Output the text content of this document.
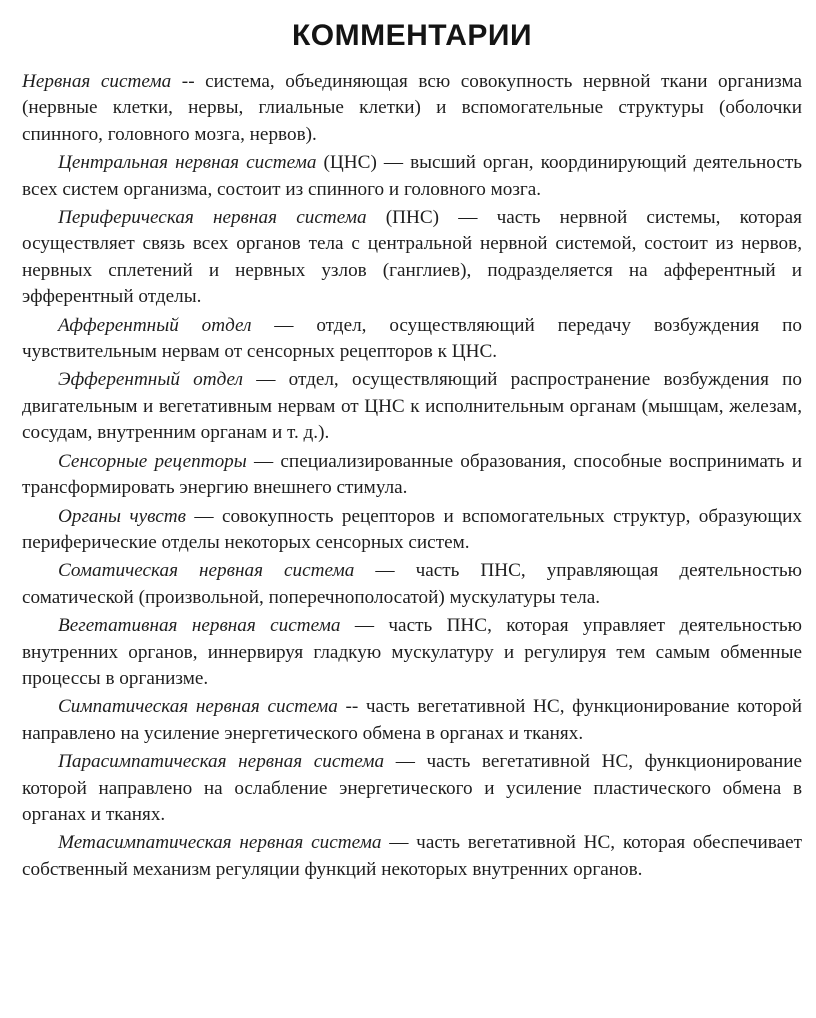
КОММЕНТАРИИ

Нервная система -- система, объединяющая всю совокупность нервной ткани организма (нервные клетки, нервы, глиальные клетки) и вспомогательные структуры (оболочки спинного, головного мозга, нервов).

Центральная нервная система (ЦНС) — высший орган, координирующий деятельность всех систем организма, состоит из спинного и головного мозга.

Периферическая нервная система (ПНС) — часть нервной системы, которая осуществляет связь всех органов тела с центральной нервной системой, состоит из нервов, нервных сплетений и нервных узлов (ганглиев), подразделяется на афферентный и эфферентный отделы.

Афферентный отдел — отдел, осуществляющий передачу возбуждения по чувствительным нервам от сенсорных рецепторов к ЦНС.

Эфферентный отдел — отдел, осуществляющий распространение возбуждения по двигательным и вегетативным нервам от ЦНС к исполнительным органам (мышцам, железам, сосудам, внутренним органам и т. д.).

Сенсорные рецепторы — специализированные образования, способные воспринимать и трансформировать энергию внешнего стимула.

Органы чувств — совокупность рецепторов и вспомогательных структур, образующих периферические отделы некоторых сенсорных систем.

Соматическая нервная система — часть ПНС, управляющая деятельностью соматической (произвольной, поперечнополосатой) мускулатуры тела.

Вегетативная нервная система — часть ПНС, которая управляет деятельностью внутренних органов, иннервируя гладкую мускулатуру и регулируя тем самым обменные процессы в организме.

Симпатическая нервная система -- часть вегетативной НС, функционирование которой направлено на усиление энергетического обмена в органах и тканях.

Парасимпатическая нервная система — часть вегетативной НС, функционирование которой направлено на ослабление энергетического и усиление пластического обмена в органах и тканях.

Метасимпатическая нервная система — часть вегетативной НС, которая обеспечивает собственный механизм регуляции функций некоторых внутренних органов.
